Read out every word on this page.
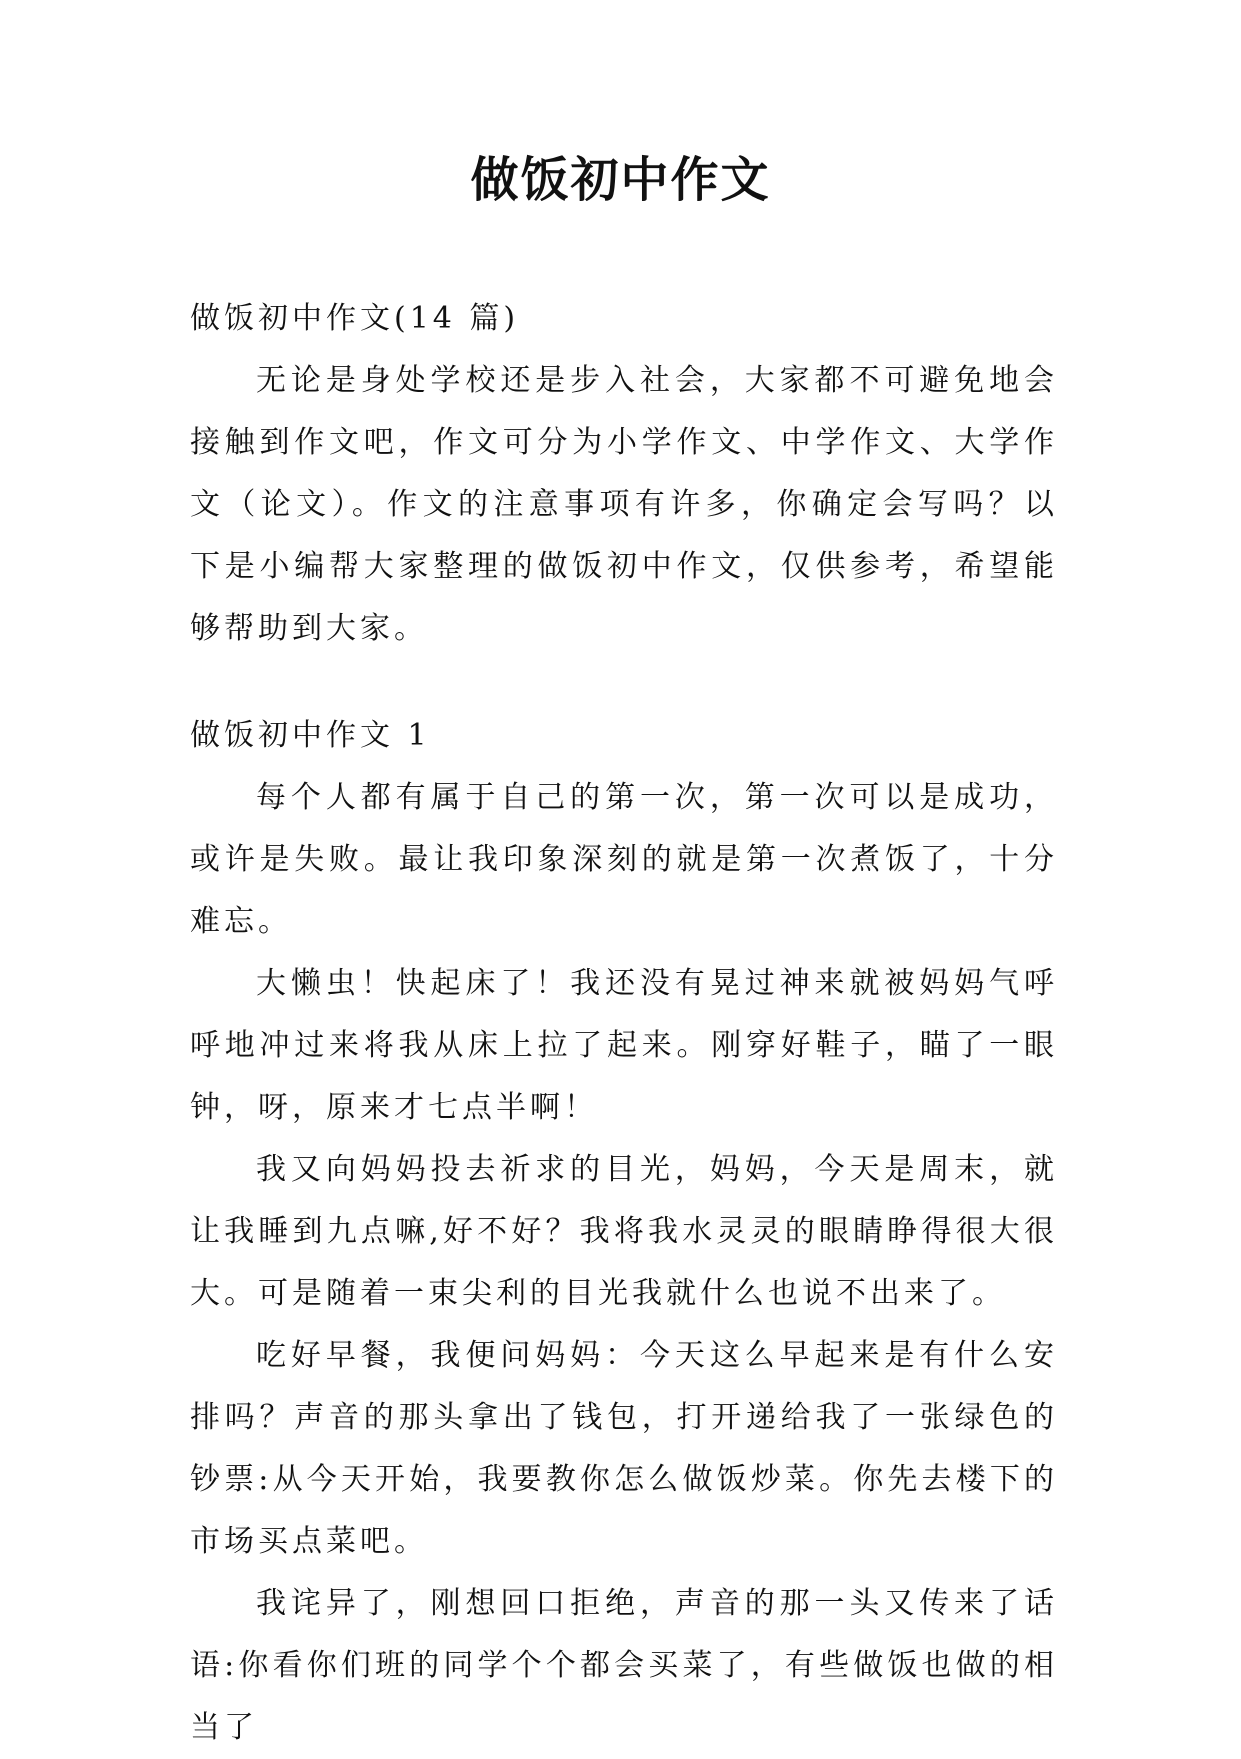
做饭初中作文

做饭初中作文(14 篇)

无论是身处学校还是步入社会，大家都不可避免地会接触到作文吧，作文可分为小学作文、中学作文、大学作文（论文）。作文的注意事项有许多，你确定会写吗？以下是小编帮大家整理的做饭初中作文，仅供参考，希望能够帮助到大家。

做饭初中作文 1

每个人都有属于自己的第一次，第一次可以是成功，或许是失败。最让我印象深刻的就是第一次煮饭了，十分难忘。

大懒虫！快起床了！我还没有晃过神来就被妈妈气呼呼地冲过来将我从床上拉了起来。刚穿好鞋子，瞄了一眼钟，呀，原来才七点半啊！

我又向妈妈投去祈求的目光，妈妈，今天是周末，就让我睡到九点嘛,好不好？我将我水灵灵的眼睛睁得很大很大。可是随着一束尖利的目光我就什么也说不出来了。

吃好早餐，我便问妈妈：今天这么早起来是有什么安排吗？声音的那头拿出了钱包，打开递给我了一张绿色的钞票:从今天开始，我要教你怎么做饭炒菜。你先去楼下的市场买点菜吧。

我诧异了，刚想回口拒绝，声音的那一头又传来了话语:你看你们班的同学个个都会买菜了，有些做饭也做的相当了
